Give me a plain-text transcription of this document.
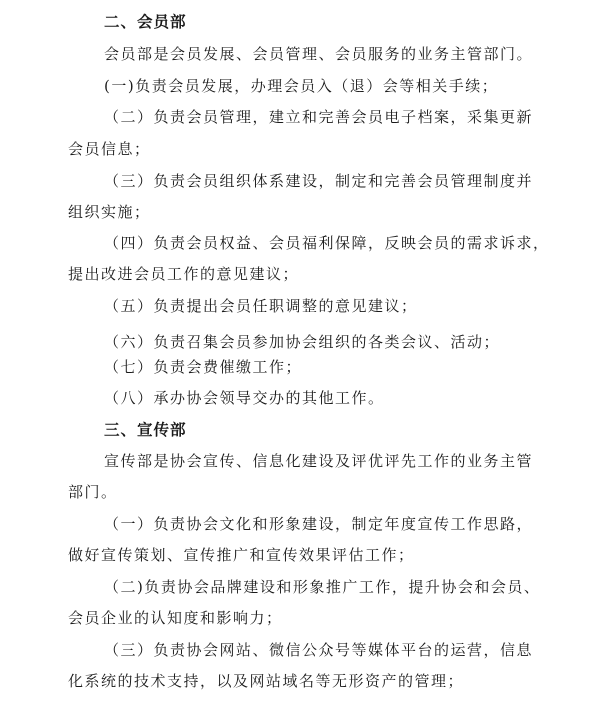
二、会员部
会员部是会员发展、会员管理、会员服务的业务主管部门。
(一)负责会员发展，办理会员入（退）会等相关手续；
（二）负责会员管理，建立和完善会员电子档案，采集更新
会员信息；
（三）负责会员组织体系建设，制定和完善会员管理制度并
组织实施；
（四）负责会员权益、会员福利保障，反映会员的需求诉求，
提出改进会员工作的意见建议；
（五）负责提出会员任职调整的意见建议；
（六）负责召集会员参加协会组织的各类会议、活动；
（七）负责会费催缴工作；
（八）承办协会领导交办的其他工作。
三、宣传部
宣传部是协会宣传、信息化建设及评优评先工作的业务主管
部门。
（一）负责协会文化和形象建设，制定年度宣传工作思路，
做好宣传策划、宣传推广和宣传效果评估工作；
（二)负责协会品牌建设和形象推广工作，提升协会和会员、
会员企业的认知度和影响力；
（三）负责协会网站、微信公众号等媒体平台的运营，信息
化系统的技术支持，以及网站域名等无形资产的管理；
